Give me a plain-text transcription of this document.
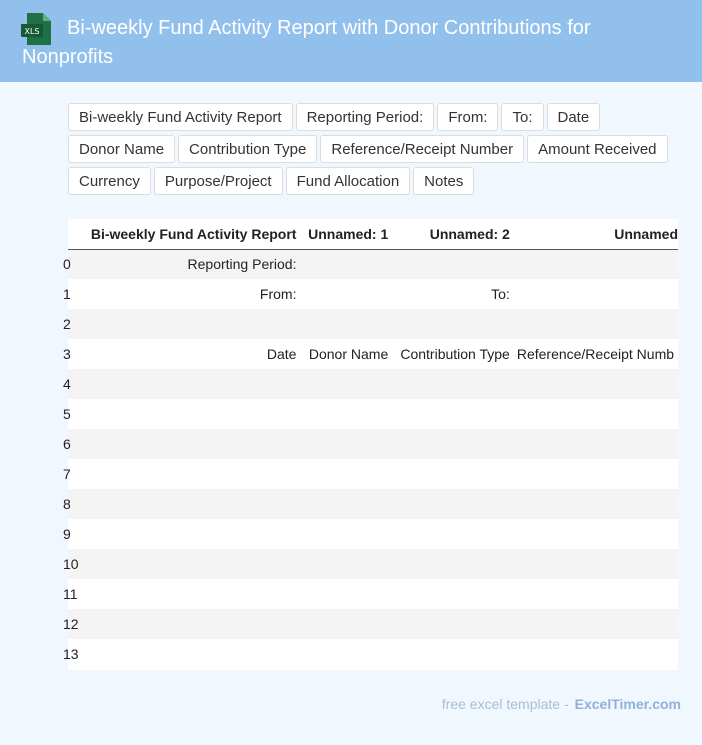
XLS	Bi-weekly Fund Activity Report with Donor Contributions for Nonprofits
Bi-weekly Fund Activity Report	Reporting Period:	From:	To:	Date
Donor Name	Contribution Type	Reference/Receipt Number	Amount Received
Currency	Purpose/Project	Fund Allocation	Notes
	Bi-weekly Fund Activity Report	Unnamed: 1	Unnamed: 2	Unnamed
0	Reporting Period:			
1	From:		To:	
2				
3	Date	Donor Name	Contribution Type	Reference/Receipt Numb
4				
5				
6				
7				
8				
9				
10				
11				
12				
13				
free excel template - ExcelTimer.com
